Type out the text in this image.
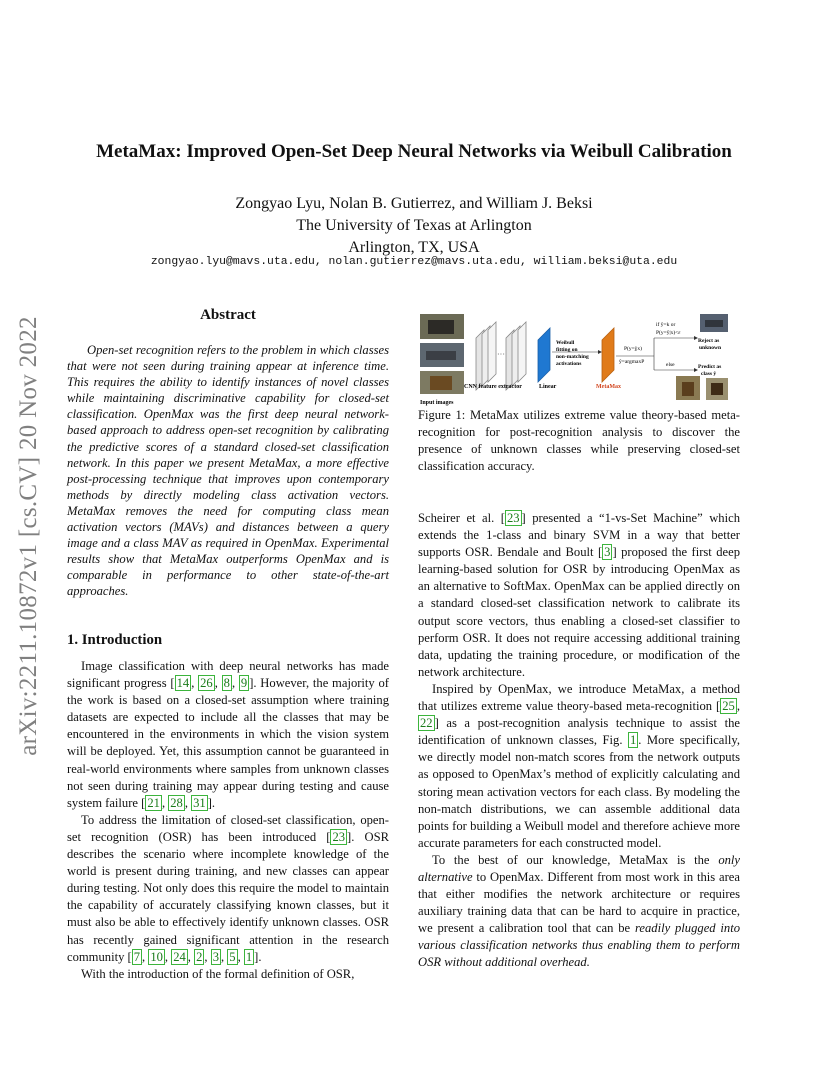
MetaMax: Improved Open-Set Deep Neural Networks via Weibull Calibration
Zongyao Lyu, Nolan B. Gutierrez, and William J. Beksi
The University of Texas at Arlington
Arlington, TX, USA
zongyao.lyu@mavs.uta.edu, nolan.gutierrez@mavs.uta.edu, william.beksi@uta.edu
arXiv:2211.10872v1 [cs.CV] 20 Nov 2022
Abstract

Open-set recognition refers to the problem in which classes that were not seen during training appear at inference time. This requires the ability to identify instances of novel classes while maintaining discriminative capability for closed-set classification. OpenMax was the first deep neural network-based approach to address open-set recognition by calibrating the predictive scores of a standard closed-set classification network. In this paper we present MetaMax, a more effective post-processing technique that improves upon contemporary methods by directly modeling class activation vectors. MetaMax removes the need for computing class mean activation vectors (MAVs) and distances between a query image and a class MAV as required in OpenMax. Experimental results show that MetaMax outperforms OpenMax and is comparable in performance to other state-of-the-art approaches.

1. Introduction

Image classification with deep neural networks has made significant progress [ 14 , 26 , 8 , 9 ]. However, the majority of the work is based on a closed-set assumption where training datasets are expected to include all the classes that may be encountered in the environments in which the vision system will be deployed. Yet, this assumption cannot be guaranteed in real-world environments where samples from unknown classes not seen during training may appear during testing and cause system failure [ 21 , 28 , 31 ].

To address the limitation of closed-set classification, open-set recognition (OSR) has been introduced [ 23 ]. OSR describes the scenario where incomplete knowledge of the world is present during training, and new classes can appear during testing. Not only does this require the model to maintain the capability of accurately classifying known classes, but it must also be able to effectively identify unknown classes. OSR has recently gained significant attention in the research community [ 7 , 10 , 24 , 2 , 3 , 5 , 1 ].

With the introduction of the formal definition of OSR,

Input images
···
CNN feature extractor	Linear
Weibull
fitting on
non-matching
activations
MetaMax
P(y=j|x)
ŷ=argmaxP
if ŷ=k or
P(y=ŷ|x)<ε
else
Reject as
unknown
Predict as
class ŷ
Figure 1: MetaMax utilizes extreme value theory-based meta-recognition for post-recognition analysis to discover the presence of unknown classes while preserving closed-set classification accuracy.

Scheirer et al. [ 23 ] presented a “1-vs-Set Machine” which extends the 1-class and binary SVM in a way that better supports OSR. Bendale and Boult [ 3 ] proposed the first deep learning-based solution for OSR by introducing OpenMax as an alternative to SoftMax. OpenMax can be applied directly on a standard closed-set classification network to calibrate its output score vectors, thus enabling a closed-set classifier to perform OSR. It does not require accessing additional training data, updating the training procedure, or modification of the network architecture.

Inspired by OpenMax, we introduce MetaMax, a method that utilizes extreme value theory-based meta-recognition [ 25 , 22 ] as a post-recognition analysis technique to assist the identification of unknown classes, Fig. 1 . More specifically, we directly model non-match scores from the network outputs as opposed to OpenMax’s method of explicitly calculating and storing mean activation vectors for each class. By modeling the non-match distributions, we can assemble additional data points for building a Weibull model and therefore achieve more accurate parameters for each constructed model.

To the best of our knowledge, MetaMax is the only alternative to OpenMax. Different from most work in this area that either modifies the network architecture or requires auxiliary training data that can be hard to acquire in practice, we present a calibration tool that can be readily plugged into various classification networks thus enabling them to perform OSR without additional overhead.
